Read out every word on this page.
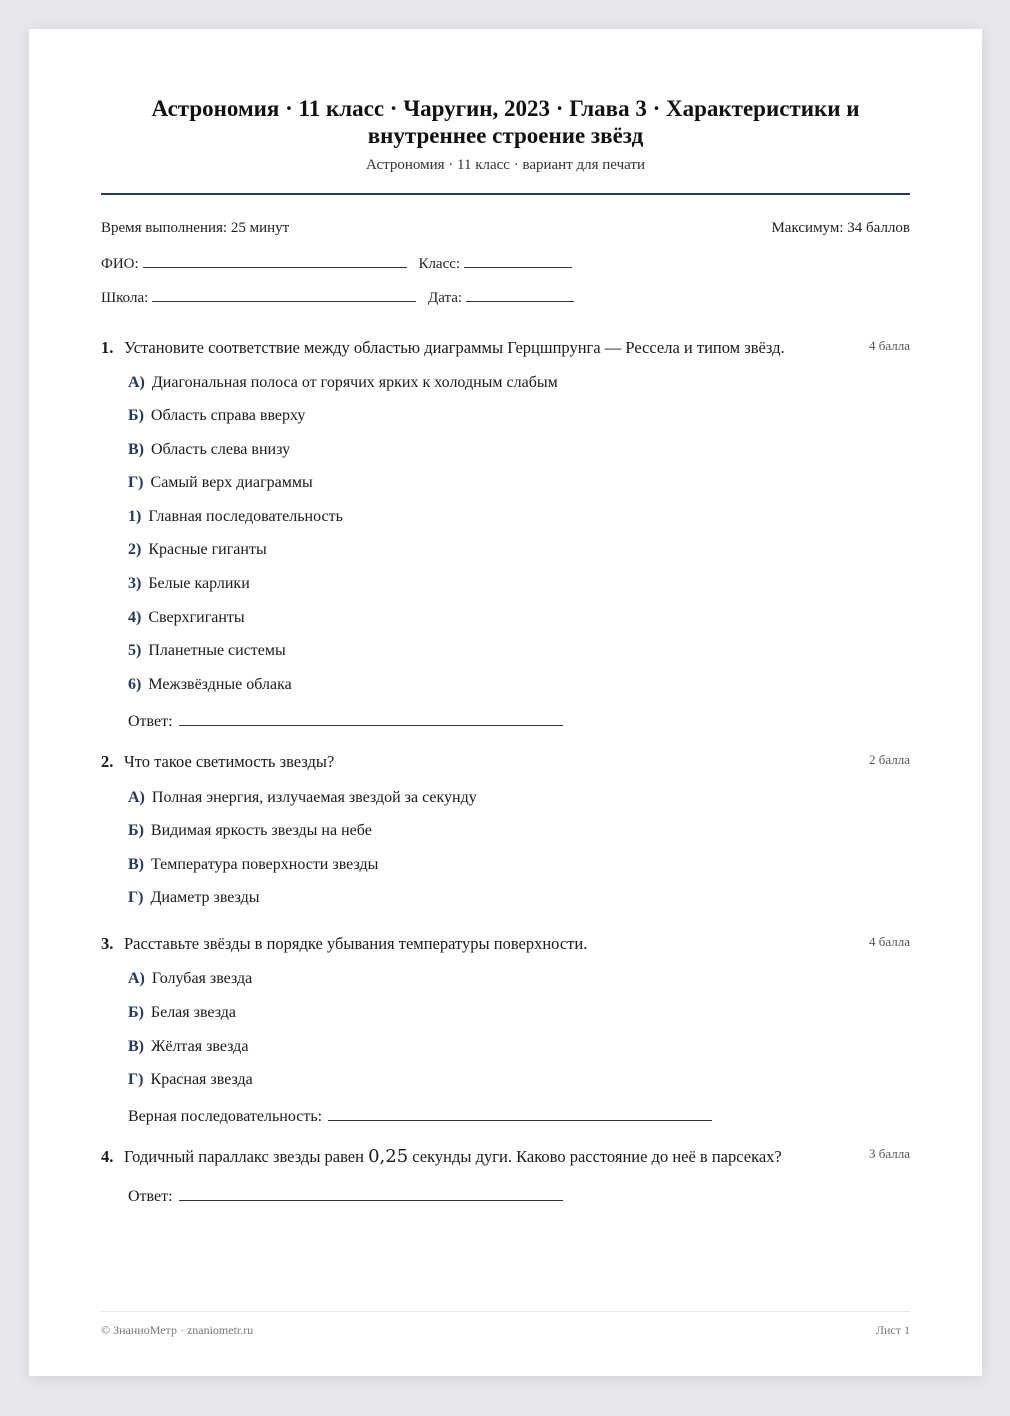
Астрономия · 11 класс · Чаругин, 2023 · Глава 3 · Характеристики и внутреннее строение звёзд
Астрономия · 11 класс · вариант для печати
Время выполнения: 25 минут	Максимум: 34 баллов
ФИО:	Класс:
Школа:	Дата:
1. Установите соответствие между областью диаграммы Герцшпрунга — Рессела и типом звёзд.	4 балла
А) Диагональная полоса от горячих ярких к холодным слабым
Б) Область справа вверху
В) Область слева внизу
Г) Самый верх диаграммы
1) Главная последовательность
2) Красные гиганты
3) Белые карлики
4) Сверхгиганты
5) Планетные системы
6) Межзвёздные облака
Ответ:
2. Что такое светимость звезды?	2 балла
А) Полная энергия, излучаемая звездой за секунду
Б) Видимая яркость звезды на небе
В) Температура поверхности звезды
Г) Диаметр звезды
3. Расставьте звёзды в порядке убывания температуры поверхности.	4 балла
А) Голубая звезда
Б) Белая звезда
В) Жёлтая звезда
Г) Красная звезда
Верная последовательность:
4. Годичный параллакс звезды равен 0,25 секунды дуги. Каково расстояние до неё в парсеках?	3 балла
Ответ:
© ЗнаниоМетр · znaniometr.ru	Лист 1
